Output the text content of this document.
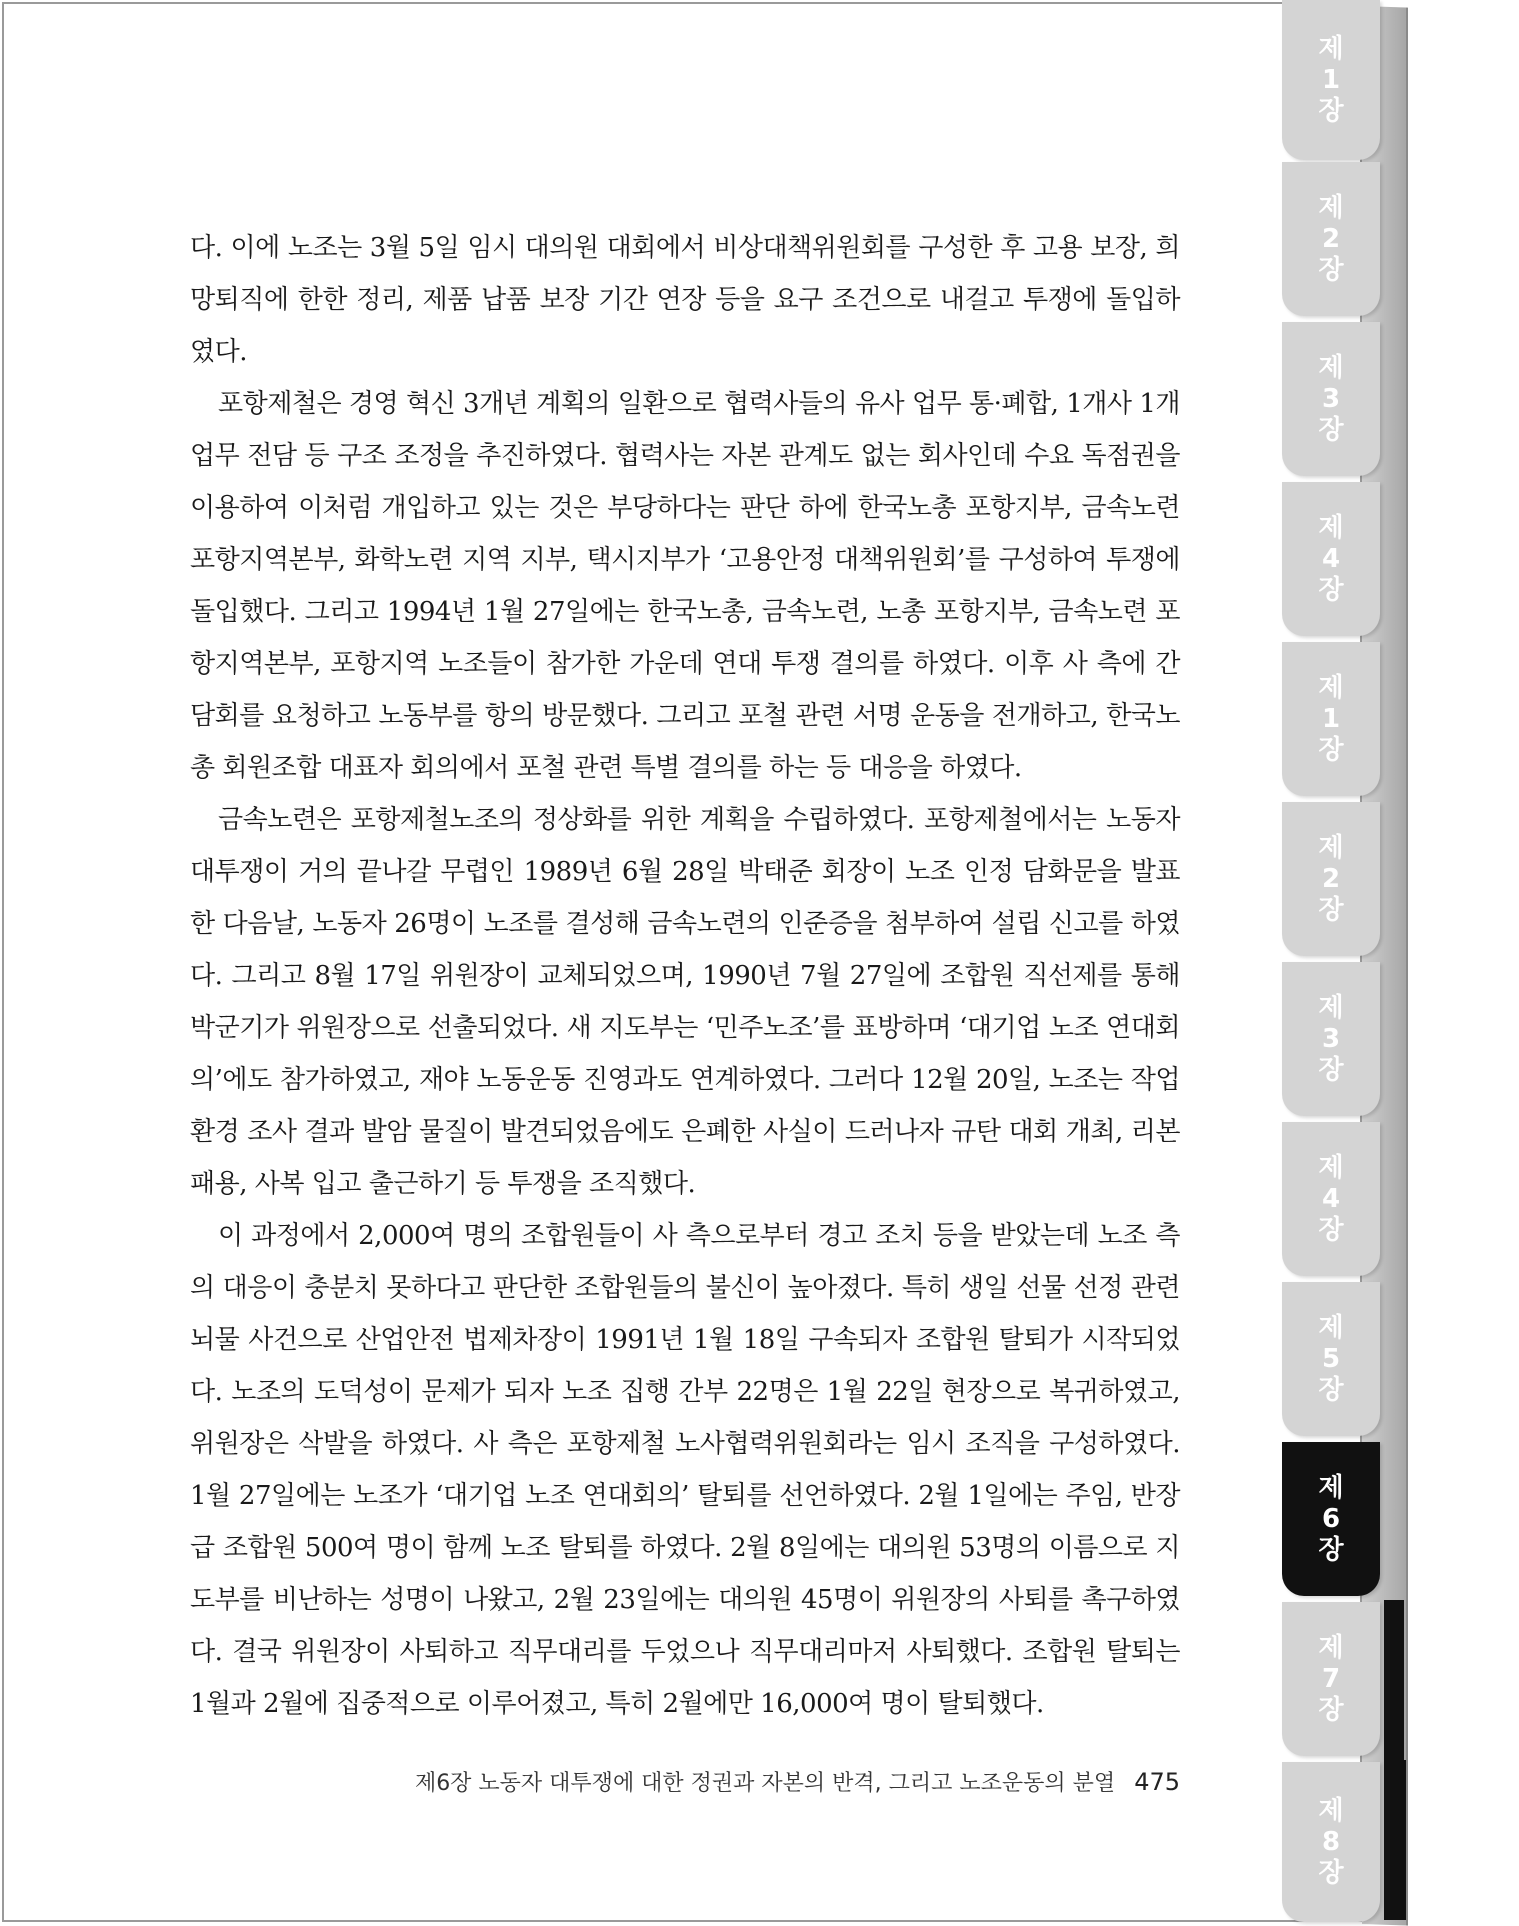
다. 이에 노조는 3월 5일 임시 대의원 대회에서 비상대책위원회를 구성한 후 고용 보장, 희망퇴직에 한한 정리, 제품 납품 보장 기간 연장 등을 요구 조건으로 내걸고 투쟁에 돌입하였다.

포항제철은 경영 혁신 3개년 계획의 일환으로 협력사들의 유사 업무 통·폐합, 1개사 1개 업무 전담 등 구조 조정을 추진하였다. 협력사는 자본 관계도 없는 회사인데 수요 독점권을 이용하여 이처럼 개입하고 있는 것은 부당하다는 판단 하에 한국노총 포항지부, 금속노련 포항지역본부, 화학노련 지역 지부, 택시지부가 ‘고용안정 대책위원회’를 구성하여 투쟁에 돌입했다. 그리고 1994년 1월 27일에는 한국노총, 금속노련, 노총 포항지부, 금속노련 포항지역본부, 포항지역 노조들이 참가한 가운데 연대 투쟁 결의를 하였다. 이후 사 측에 간담회를 요청하고 노동부를 항의 방문했다. 그리고 포철 관련 서명 운동을 전개하고, 한국노총 회원조합 대표자 회의에서 포철 관련 특별 결의를 하는 등 대응을 하였다.

금속노련은 포항제철노조의 정상화를 위한 계획을 수립하였다. 포항제철에서는 노동자 대투쟁이 거의 끝나갈 무렵인 1989년 6월 28일 박태준 회장이 노조 인정 담화문을 발표한 다음날, 노동자 26명이 노조를 결성해 금속노련의 인준증을 첨부하여 설립 신고를 하였다. 그리고 8월 17일 위원장이 교체되었으며, 1990년 7월 27일에 조합원 직선제를 통해 박군기가 위원장으로 선출되었다. 새 지도부는 ‘민주노조’를 표방하며 ‘대기업 노조 연대회의’에도 참가하였고, 재야 노동운동 진영과도 연계하였다. 그러다 12월 20일, 노조는 작업 환경 조사 결과 발암 물질이 발견되었음에도 은폐한 사실이 드러나자 규탄 대회 개최, 리본 패용, 사복 입고 출근하기 등 투쟁을 조직했다.

이 과정에서 2,000여 명의 조합원들이 사 측으로부터 경고 조치 등을 받았는데 노조 측의 대응이 충분치 못하다고 판단한 조합원들의 불신이 높아졌다. 특히 생일 선물 선정 관련 뇌물 사건으로 산업안전 법제차장이 1991년 1월 18일 구속되자 조합원 탈퇴가 시작되었다. 노조의 도덕성이 문제가 되자 노조 집행 간부 22명은 1월 22일 현장으로 복귀하였고, 위원장은 삭발을 하였다. 사 측은 포항제철 노사협력위원회라는 임시 조직을 구성하였다. 1월 27일에는 노조가 ‘대기업 노조 연대회의’ 탈퇴를 선언하였다. 2월 1일에는 주임, 반장급 조합원 500여 명이 함께 노조 탈퇴를 하였다. 2월 8일에는 대의원 53명의 이름으로 지도부를 비난하는 성명이 나왔고, 2월 23일에는 대의원 45명이 위원장의 사퇴를 촉구하였다. 결국 위원장이 사퇴하고 직무대리를 두었으나 직무대리마저 사퇴했다. 조합원 탈퇴는 1월과 2월에 집중적으로 이루어졌고, 특히 2월에만 16,000여 명이 탈퇴했다.

제6장 노동자 대투쟁에 대한 정권과 자본의 반격, 그리고 노조운동의 분열 475
제
1
장
제
2
장
제
3
장
제
4
장
제
1
장
제
2
장
제
3
장
제
4
장
제
5
장
제
6
장
제
7
장
제
8
장
